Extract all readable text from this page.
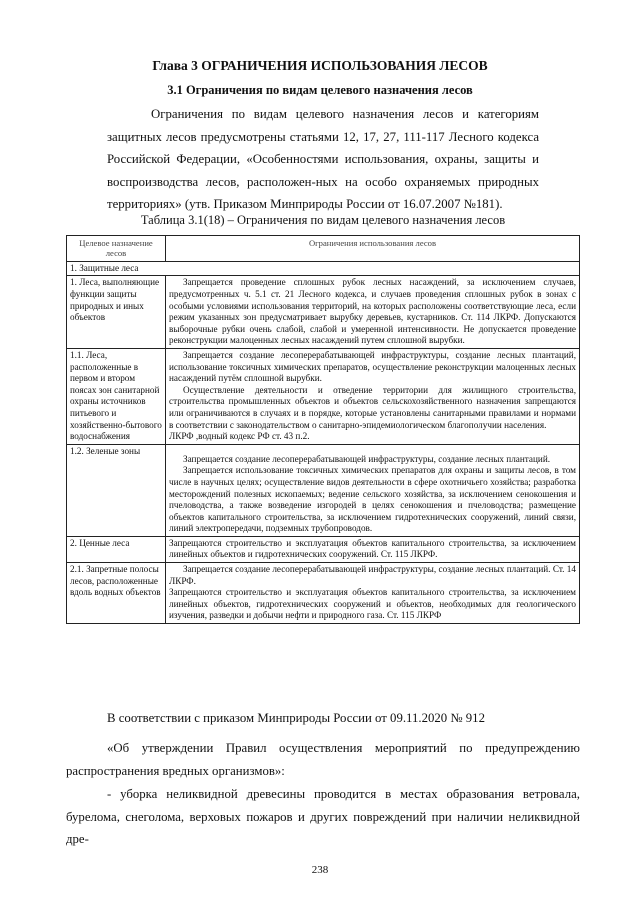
Глава 3 ОГРАНИЧЕНИЯ ИСПОЛЬЗОВАНИЯ ЛЕСОВ
3.1 Ограничения по видам целевого назначения лесов
Ограничения по видам целевого назначения лесов и категориям защитных лесов предусмотрены статьями 12, 17, 27, 111-117 Лесного кодекса Российской Федерации, «Особенностями использования, охраны, защиты и воспроизводства лесов, расположен-ных на особо охраняемых природных территориях» (утв. Приказом Минприроды России от 16.07.2007 №181).
Таблица 3.1(18) – Ограничения по видам целевого назначения лесов
Целевое назначение лесов	Ограничения использования лесов
1. Защитные леса	
1. Леса, выполняющие функции защиты природных и иных объектов	Запрещается проведение сплошных рубок лесных насаждений, за исключением случаев, предусмотренных ч. 5.1 ст. 21 Лесного кодекса, и случаев проведения сплошных рубок в зонах с особыми условиями использования территорий, на которых расположены соответствующие леса, если режим указанных зон предусматривает вырубку деревьев, кустарников. Ст. 114 ЛКРФ. Допускаются выборочные рубки очень слабой, слабой и умеренной интенсивности. Не допускается проведение реконструкции малоценных лесных насаждений путем сплошной вырубки.

1.1. Леса, расположенные в первом и втором поясах зон санитарной охраны источников питьевого и хозяйственно-бытового водоснабжения	Запрещается создание лесоперерабатывающей инфраструктуры, создание лесных плантаций, использование токсичных химических препаратов, осуществление реконструкции малоценных лесных насаждений путём сплошной вырубки.

Осуществление деятельности и отведение территории для жилищного строительства, строительства промышленных объектов и объектов сельскохозяйственного назначения запрещаются или ограничиваются в случаях и в порядке, которые установлены санитарными правилами и нормами в соответствии с законодательством о санитарно-эпидемиологическом благополучии населения.

ЛКРФ ,водный кодекс РФ ст. 43 п.2.

1.2. Зеленые зоны	Запрещается создание лесоперерабатывающей инфраструктуры, создание лесных плантаций.

Запрещается использование токсичных химических препаратов для охраны и защиты лесов, в том числе в научных целях; осуществление видов деятельности в сфере охотничьего хозяйства; разработка месторождений полезных ископаемых; ведение сельского хозяйства, за исключением сенокошения и пчеловодства, а также возведение изгородей в целях сенокошения и пчеловодства; размещение объектов капитального строительства, за исключением гидротехнических сооружений, линий связи, линий электропередачи, подземных трубопроводов.

2. Ценные леса	Запрещаются строительство и эксплуатация объектов капитального строительства, за исключением линейных объектов и гидротехнических сооружений. Ст. 115 ЛКРФ.

2.1. Запретные полосы лесов, расположенные вдоль водных объектов	Запрещается создание лесоперерабатывающей инфраструктуры, создание лесных плантаций. Ст. 14 ЛКРФ.

Запрещаются строительство и эксплуатация объектов капитального строительства, за исключением линейных объектов, гидротехнических сооружений и объектов, необходимых для геологического изучения, разведки и добычи нефти и природного газа. Ст. 115 ЛКРФ

В соответствии с приказом Минприроды России от 09.11.2020 № 912
«Об утверждении Правил осуществления мероприятий по предупреждению распространения вредных организмов»:
- уборка неликвидной древесины проводится в местах образования ветровала, бурелома, снеголома, верховых пожаров и других повреждений при наличии неликвидной дре-
238
